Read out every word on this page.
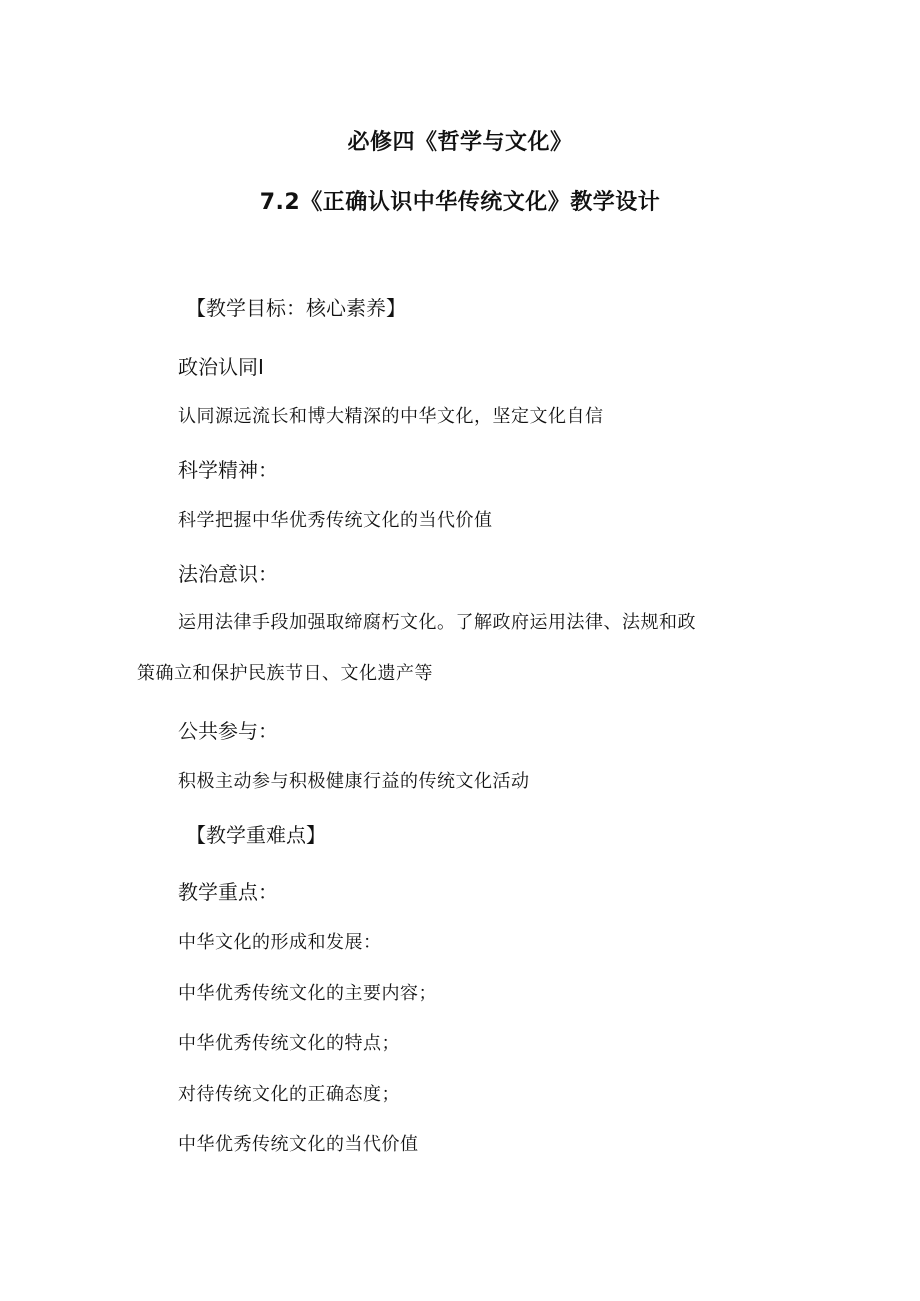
必修四《哲学与文化》
7.2《正确认识中华传统文化》教学设计
【教学目标：核心素养】
政治认同I
认同源远流长和博大精深的中华文化，坚定文化自信
科学精神：
科学把握中华优秀传统文化的当代价值
法治意识：
运用法律手段加强取缔腐朽文化。了解政府运用法律、法规和政
策确立和保护民族节日、文化遗产等
公共参与：
积极主动参与积极健康行益的传统文化活动
【教学重难点】
教学重点：
中华文化的形成和发展：
中华优秀传统文化的主要内容；
中华优秀传统文化的特点；
对待传统文化的正确态度；
中华优秀传统文化的当代价值
